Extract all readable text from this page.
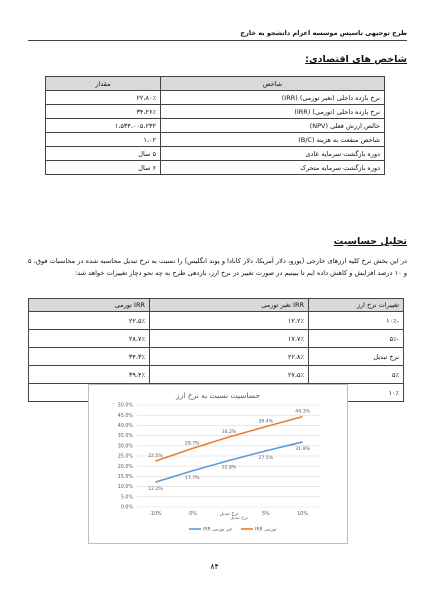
طرح توجیهی تاسیس موسسه اعزام دانشجو به خارج
شاخص های اقتصادی:
شاخص	مقدار
نرخ بازده داخلی (تغیر تورمی) (IRR)	۲۲،۸۰٪
نرخ بازده داخلی (تورمی) (IRR)	۳۴،۲۶٪
خالص ارزش فعلی (NPV)	۱،۵۳۴،۰۰۵،۲۳۲
شاخص منفعت به هزینه (B/C)	۱،۰۲
دوره بازگشت سرمایه عادی	۵ سال
دوره بازگشت سرمایه متحرک	۶ سال
تحلیل حساسیت
در این بخش نرخ کلیه ارزهای خارجی (یورو، دلار آمریکا، دلار کانادا و پوند انگلیس) را نسبت به نرخ تبدیل محاسبه شده در محاسبات فوق، ۵ و ۱۰ درصد افزایش و کاهش داده ایم تا ببینیم در صورت تغییر در نرخ ارز، بازدهی طرح به چه نحو دچار تغییرات خواهد شد:
تغییرات نرخ ارز	IRR تغیر تورمی	IRR تورمی
-۱۰٪	۱۲،۲٪	۲۲،۵٪
-۵٪	۱۷،۷٪	۲۸،۷٪
نرخ تبدیل	۲۲،۸٪	۳۴،۳٪
۵٪	۲۷،۵٪	۳۹،۴٪
۱۰٪		
حساسیت نسبت به نرخ ارز
0.0%
5.0%
10.0%
15.0%
20.0%
25.0%
30.0%
35.0%
40.0%
45.0%
50.0%
-10%	-5%	نرخ تبدیل	5%	10%
12.2%
17.7%
22.8%
27.5%
31.9%
22.5%
28.7%
34.2%
39.4%
44.3%
نرخ تبدیل
IRR غیر تورمی	IRR تورمی
۸۴
